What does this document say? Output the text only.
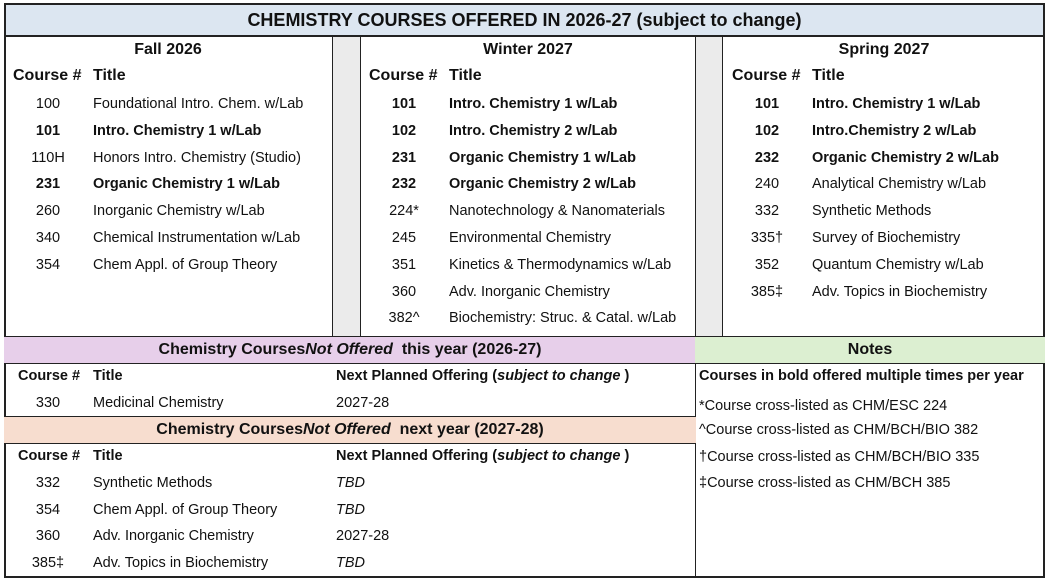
CHEMISTRY COURSES OFFERED IN 2026-27 (subject to change)
Fall 2026
Course # Title
100	Foundational Intro. Chem. w/Lab
101	Intro. Chemistry 1 w/Lab
110H	Honors Intro. Chemistry (Studio)
231	Organic Chemistry 1 w/Lab
260	Inorganic Chemistry w/Lab
340	Chemical Instrumentation w/Lab
354	Chem Appl. of Group Theory
Winter 2027
Course # Title
101	Intro. Chemistry 1 w/Lab
102	Intro. Chemistry 2 w/Lab
231	Organic Chemistry 1 w/Lab
232	Organic Chemistry 2 w/Lab
224*	Nanotechnology & Nanomaterials
245	Environmental Chemistry
351	Kinetics & Thermodynamics w/Lab
360	Adv. Inorganic Chemistry
382^	Biochemistry: Struc. & Catal. w/Lab
Spring 2027
Course # Title
101	Intro. Chemistry 1 w/Lab
102	Intro.Chemistry 2 w/Lab
232	Organic Chemistry 2 w/Lab
240	Analytical Chemistry w/Lab
332	Synthetic Methods
335†	Survey of Biochemistry
352	Quantum Chemistry w/Lab
385‡	Adv. Topics in Biochemistry
Chemistry Courses Not Offered this year (2026-27)
Course # Title	Next Planned Offering (subject to change )
330	Medicinal Chemistry	2027-28
Chemistry Courses Not Offered next year (2027-28)
Course # Title	Next Planned Offering (subject to change )
332	Synthetic Methods	TBD
354	Chem Appl. of Group Theory	TBD
360	Adv. Inorganic Chemistry	2027-28
385‡	Adv. Topics in Biochemistry	TBD
Notes
Courses in bold offered multiple times per year
*Course cross-listed as CHM/ESC 224
^Course cross-listed as CHM/BCH/BIO 382
†Course cross-listed as CHM/BCH/BIO 335
‡Course cross-listed as CHM/BCH 385
